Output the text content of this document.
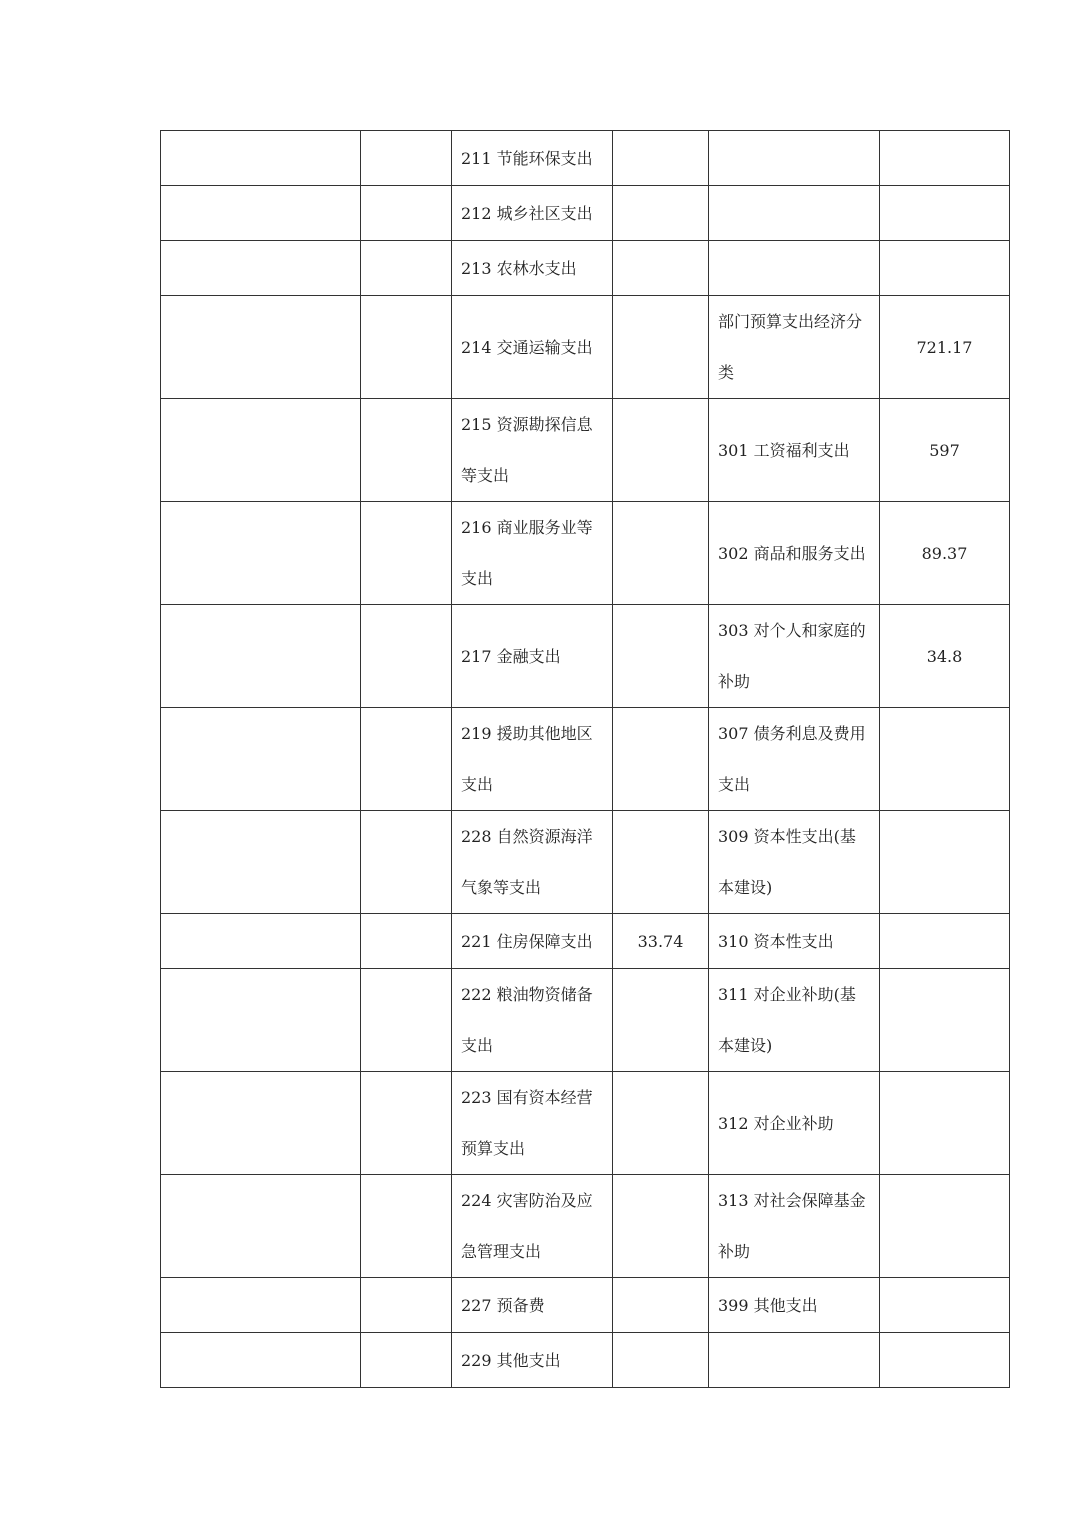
		211 节能环保支出			
		212 城乡社区支出			
		213 农林水支出			
		214 交通运输支出		部门预算支出经济分类	721.17
		215 资源勘探信息等支出		301 工资福利支出	597
		216 商业服务业等支出		302 商品和服务支出	89.37
		217 金融支出		303 对个人和家庭的补助	34.8
		219 援助其他地区支出		307 债务利息及费用支出	
		228 自然资源海洋气象等支出		309 资本性支出(基本建设)	
		221 住房保障支出	33.74	310 资本性支出	
		222 粮油物资储备支出		311 对企业补助(基本建设)	
		223 国有资本经营预算支出		312 对企业补助	
		224 灾害防治及应急管理支出		313 对社会保障基金补助	
		227 预备费		399 其他支出	
		229 其他支出			
